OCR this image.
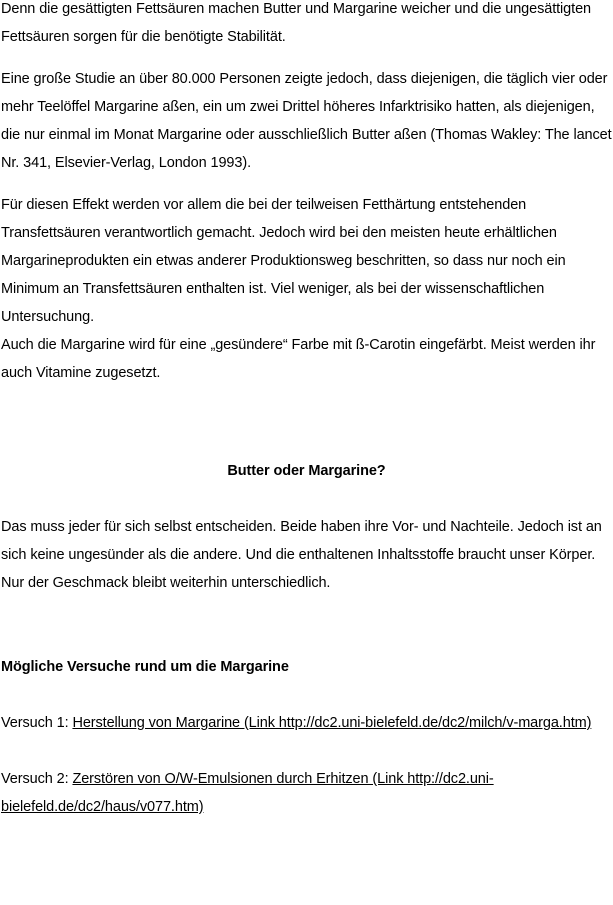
Denn die gesättigten Fettsäuren machen Butter und Margarine weicher und die ungesättigten Fettsäuren sorgen für die benötigte Stabilität.

Eine große Studie an über 80.000 Personen zeigte jedoch, dass diejenigen, die täglich vier oder mehr Teelöffel Margarine aßen, ein um zwei Drittel höheres Infarktrisiko hatten, als diejenigen, die nur einmal im Monat Margarine oder ausschließlich Butter aßen (Thomas Wakley: The lancet Nr. 341, Elsevier-Verlag, London 1993).

Für diesen Effekt werden vor allem die bei der teilweisen Fetthärtung entstehenden Transfettsäuren verantwortlich gemacht. Jedoch wird bei den meisten heute erhältlichen Margarineprodukten ein etwas anderer Produktionsweg beschritten, so dass nur noch ein Minimum an Transfettsäuren enthalten ist. Viel weniger, als bei der wissenschaftlichen Untersuchung.

Auch die Margarine wird für eine „gesündere“ Farbe mit ß-Carotin eingefärbt. Meist werden ihr auch Vitamine zugesetzt.

Butter oder Margarine?

Das muss jeder für sich selbst entscheiden. Beide haben ihre Vor- und Nachteile. Jedoch ist an sich keine ungesünder als die andere. Und die enthaltenen Inhaltsstoffe braucht unser Körper. Nur der Geschmack bleibt weiterhin unterschiedlich.

Mögliche Versuche rund um die Margarine

Versuch 1: Herstellung von Margarine (Link http://dc2.uni-bielefeld.de/dc2/milch/v-marga.htm)

Versuch 2: Zerstören von O/W-Emulsionen durch Erhitzen (Link http://dc2.uni-bielefeld.de/dc2/haus/v077.htm)
